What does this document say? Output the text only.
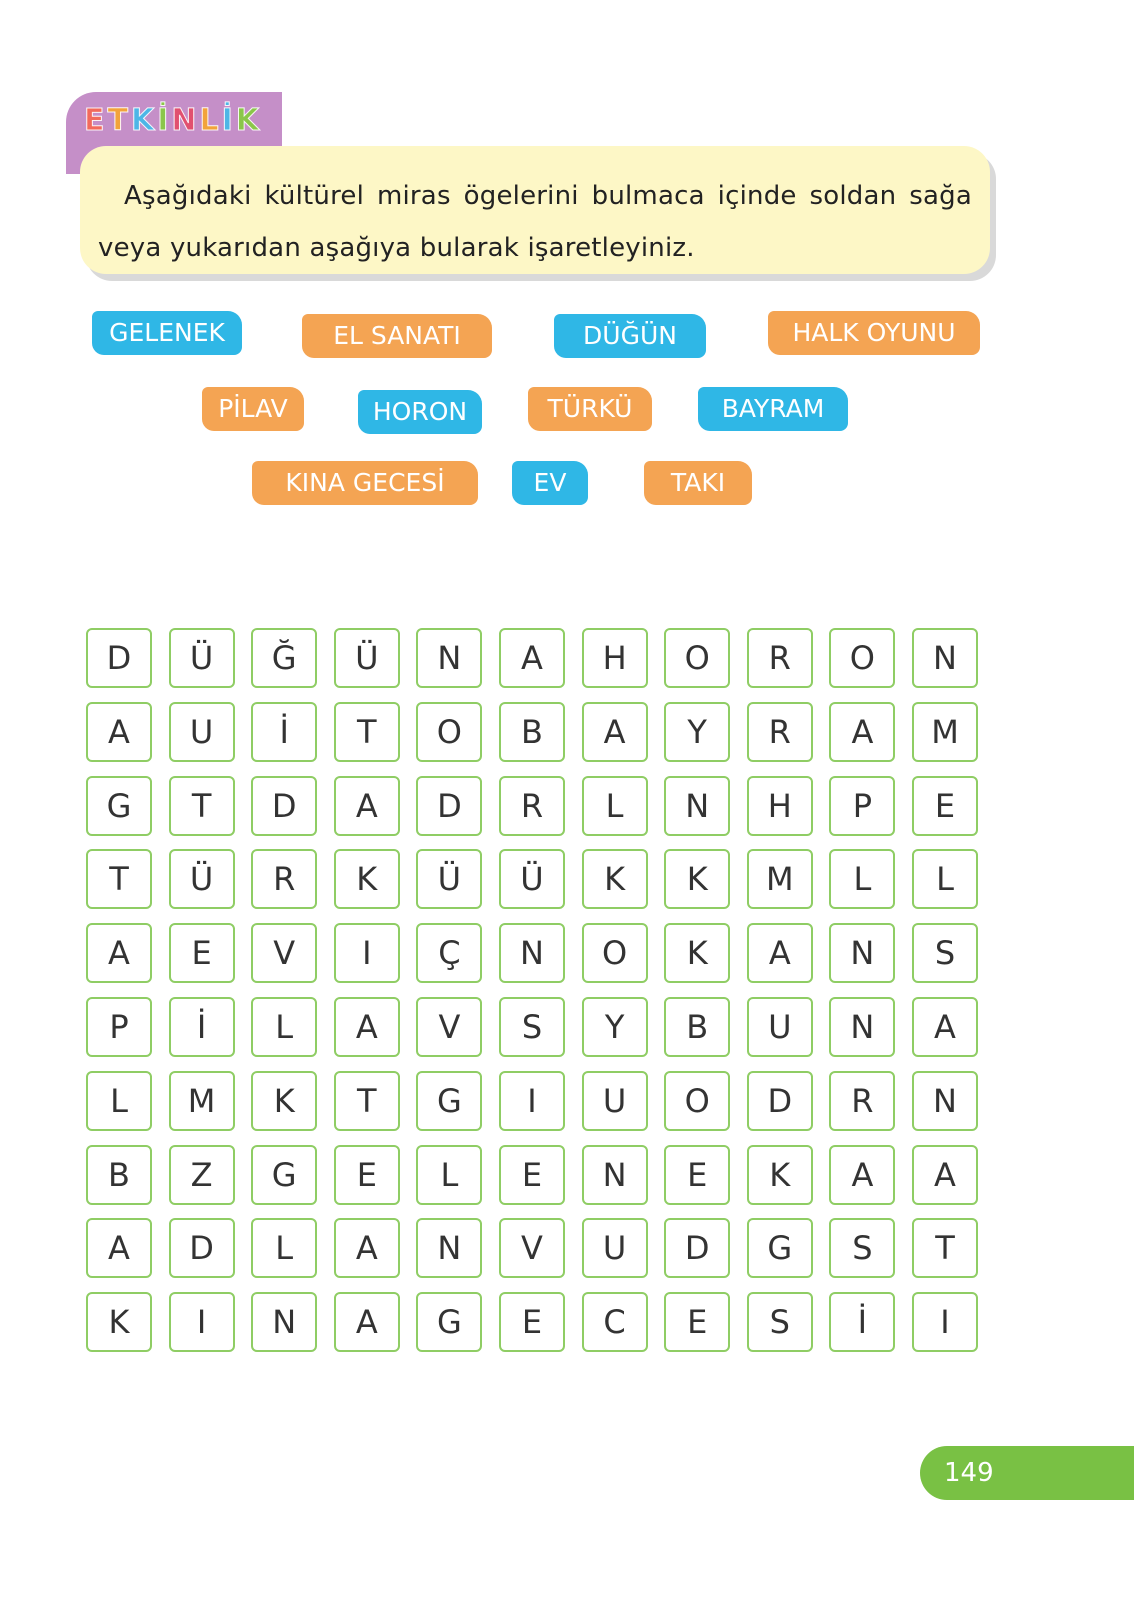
ETKİNLİK

Aşağıdaki kültürel miras ögelerini bulmaca içinde soldan sağa veya yukarıdan aşağıya bularak işaretleyiniz.

GELENEK	EL SANATI	DÜĞÜN	HALK OYUNU
PİLAV	HORON	TÜRKÜ	BAYRAM
KINA GECESİ	EV	TAKI
D	Ü	Ğ	Ü	N	A	H	O	R	O	N
A	U	İ	T	O	B	A	Y	R	A	M
G	T	D	A	D	R	L	N	H	P	E
T	Ü	R	K	Ü	Ü	K	K	M	L	L
A	E	V	I	Ç	N	O	K	A	N	S
P	İ	L	A	V	S	Y	B	U	N	A
L	M	K	T	G	I	U	O	D	R	N
B	Z	G	E	L	E	N	E	K	A	A
A	D	L	A	N	V	U	D	G	S	T
K	I	N	A	G	E	C	E	S	İ	I
149
